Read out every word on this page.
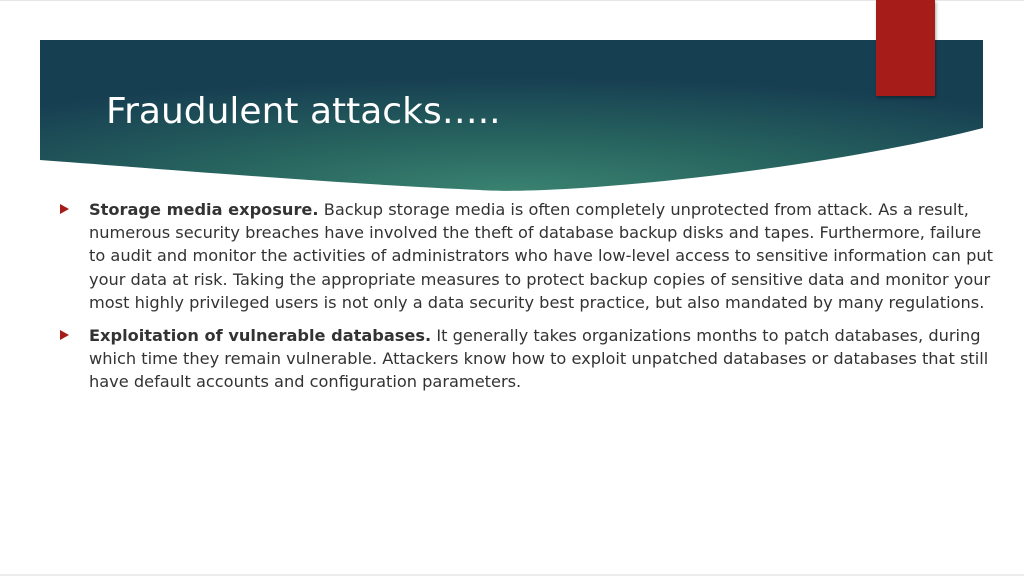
Fraudulent attacks…..
Storage media exposure. Backup storage media is often completely unprotected from attack. As a result, numerous security breaches have involved the theft of database backup disks and tapes. Furthermore, failure to audit and monitor the activities of administrators who have low-level access to sensitive information can put your data at risk. Taking the appropriate measures to protect backup copies of sensitive data and monitor your most highly privileged users is not only a data security best practice, but also mandated by many regulations.
Exploitation of vulnerable databases. It generally takes organizations months to patch databases, during which time they remain vulnerable. Attackers know how to exploit unpatched databases or databases that still have default accounts and configuration parameters.
